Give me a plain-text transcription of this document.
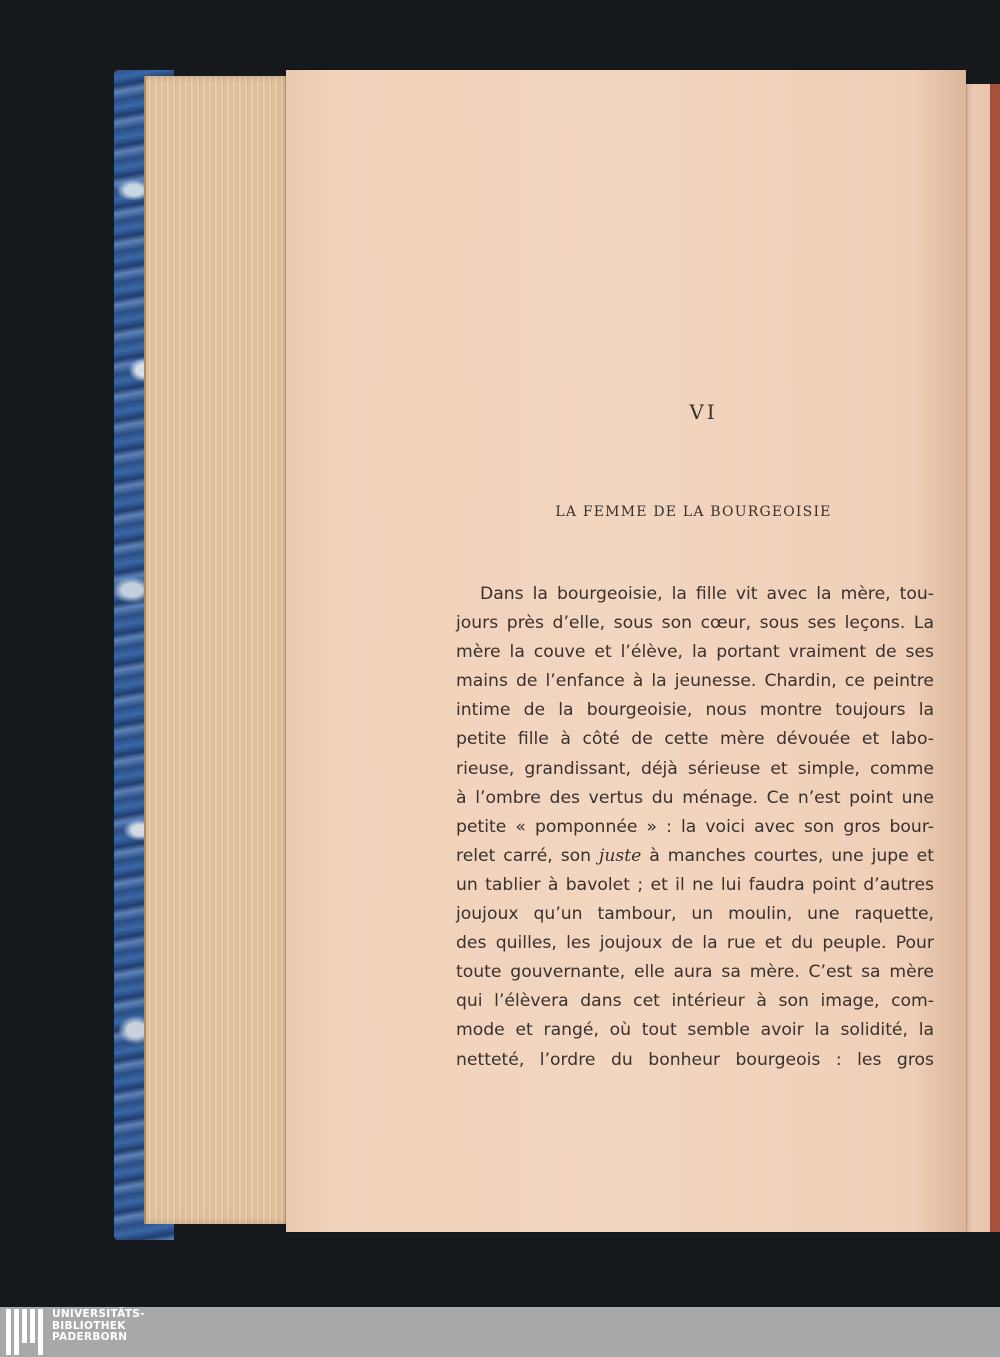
VI
LA FEMME DE LA BOURGEOISIE
Dans la bourgeoisie, la fille vit avec la mère, tou-
jours près d’elle, sous son cœur, sous ses leçons. La
mère la couve et l’élève, la portant vraiment de ses
mains de l’enfance à la jeunesse. Chardin, ce peintre
intime de la bourgeoisie, nous montre toujours la
petite fille à côté de cette mère dévouée et labo-
rieuse, grandissant, déjà sérieuse et simple, comme
à l’ombre des vertus du ménage. Ce n’est point une
petite « pomponnée » : la voici avec son gros bour-
relet carré, son juste à manches courtes, une jupe et
un tablier à bavolet ; et il ne lui faudra point d’autres
joujoux qu’un tambour, un moulin, une raquette,
des quilles, les joujoux de la rue et du peuple. Pour
toute gouvernante, elle aura sa mère. C’est sa mère
qui l’élèvera dans cet intérieur à son image, com-
mode et rangé, où tout semble avoir la solidité, la
netteté, l’ordre du bonheur bourgeois : les gros
UNIVERSITÄTS-
BIBLIOTHEK
PADERBORN
